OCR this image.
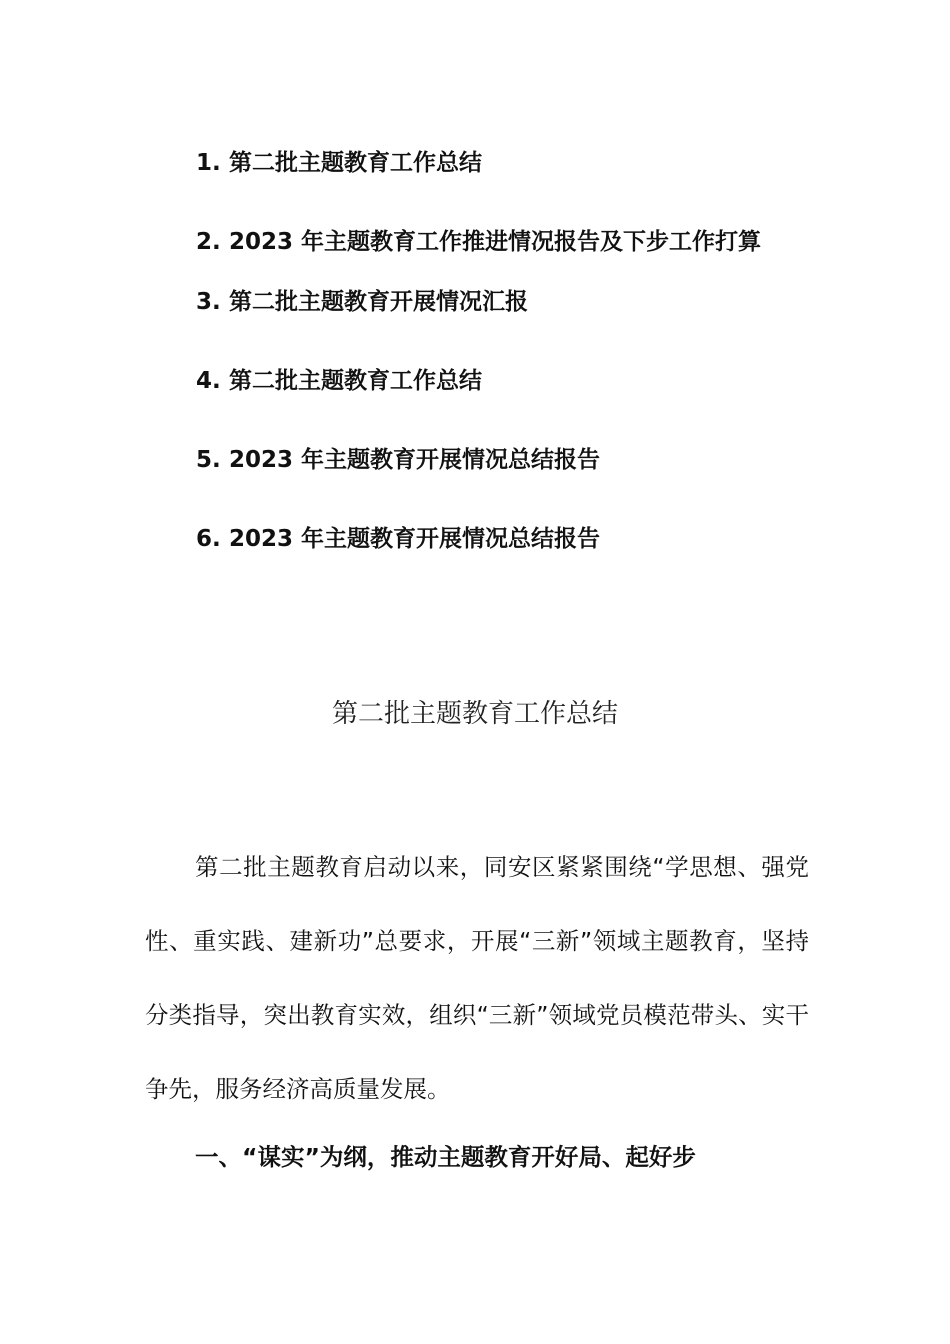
1. 第二批主题教育工作总结
2. 2023 年主题教育工作推进情况报告及下步工作打算
3. 第二批主题教育开展情况汇报
4. 第二批主题教育工作总结
5. 2023 年主题教育开展情况总结报告
6. 2023 年主题教育开展情况总结报告
第二批主题教育工作总结

第二批主题教育启动以来，同安区紧紧围绕“学思想、强党性、重实践、建新功”总要求，开展“三新”领域主题教育，坚持分类指导，突出教育实效，组织“三新”领域党员模范带头、实干争先，服务经济高质量发展。

一、“谋实”为纲，推动主题教育开好局、起好步
